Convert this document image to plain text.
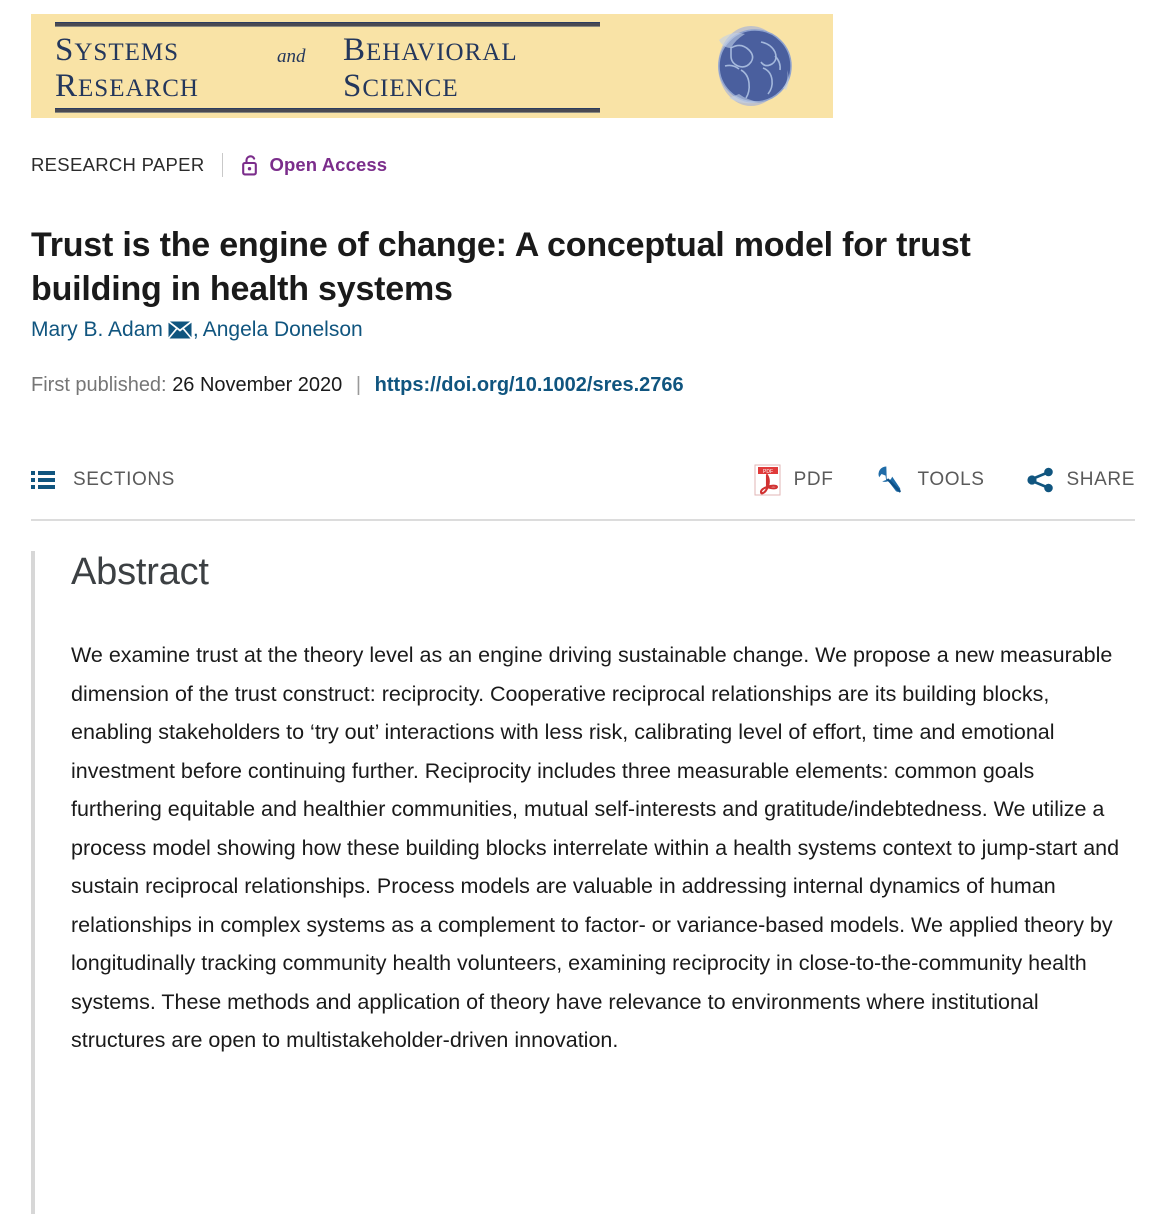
SYSTEMS	BEHAVIORAL
and
RESEARCH	SCIENCE
RESEARCH PAPER	Open Access
Trust is the engine of change: A conceptual model for trust building in health systems
Mary B. Adam , Angela Donelson
First published: 26 November 2020 | https://doi.org/10.1002/sres.2766
SECTIONS	PDF PDF	TOOLS	SHARE
Abstract

We examine trust at the theory level as an engine driving sustainable change. We propose a new measurable dimension of the trust construct: reciprocity. Cooperative reciprocal relationships are its building blocks, enabling stakeholders to ‘try out’ interactions with less risk, calibrating level of effort, time and emotional investment before continuing further. Reciprocity includes three measurable elements: common goals furthering equitable and healthier communities, mutual self-interests and gratitude/indebtedness. We utilize a process model showing how these building blocks interrelate within a health systems context to jump-start and sustain reciprocal relationships. Process models are valuable in addressing internal dynamics of human relationships in complex systems as a complement to factor- or variance-based models. We applied theory by longitudinally tracking community health volunteers, examining reciprocity in close-to-the-community health systems. These methods and application of theory have relevance to environments where institutional structures are open to multistakeholder-driven innovation.
